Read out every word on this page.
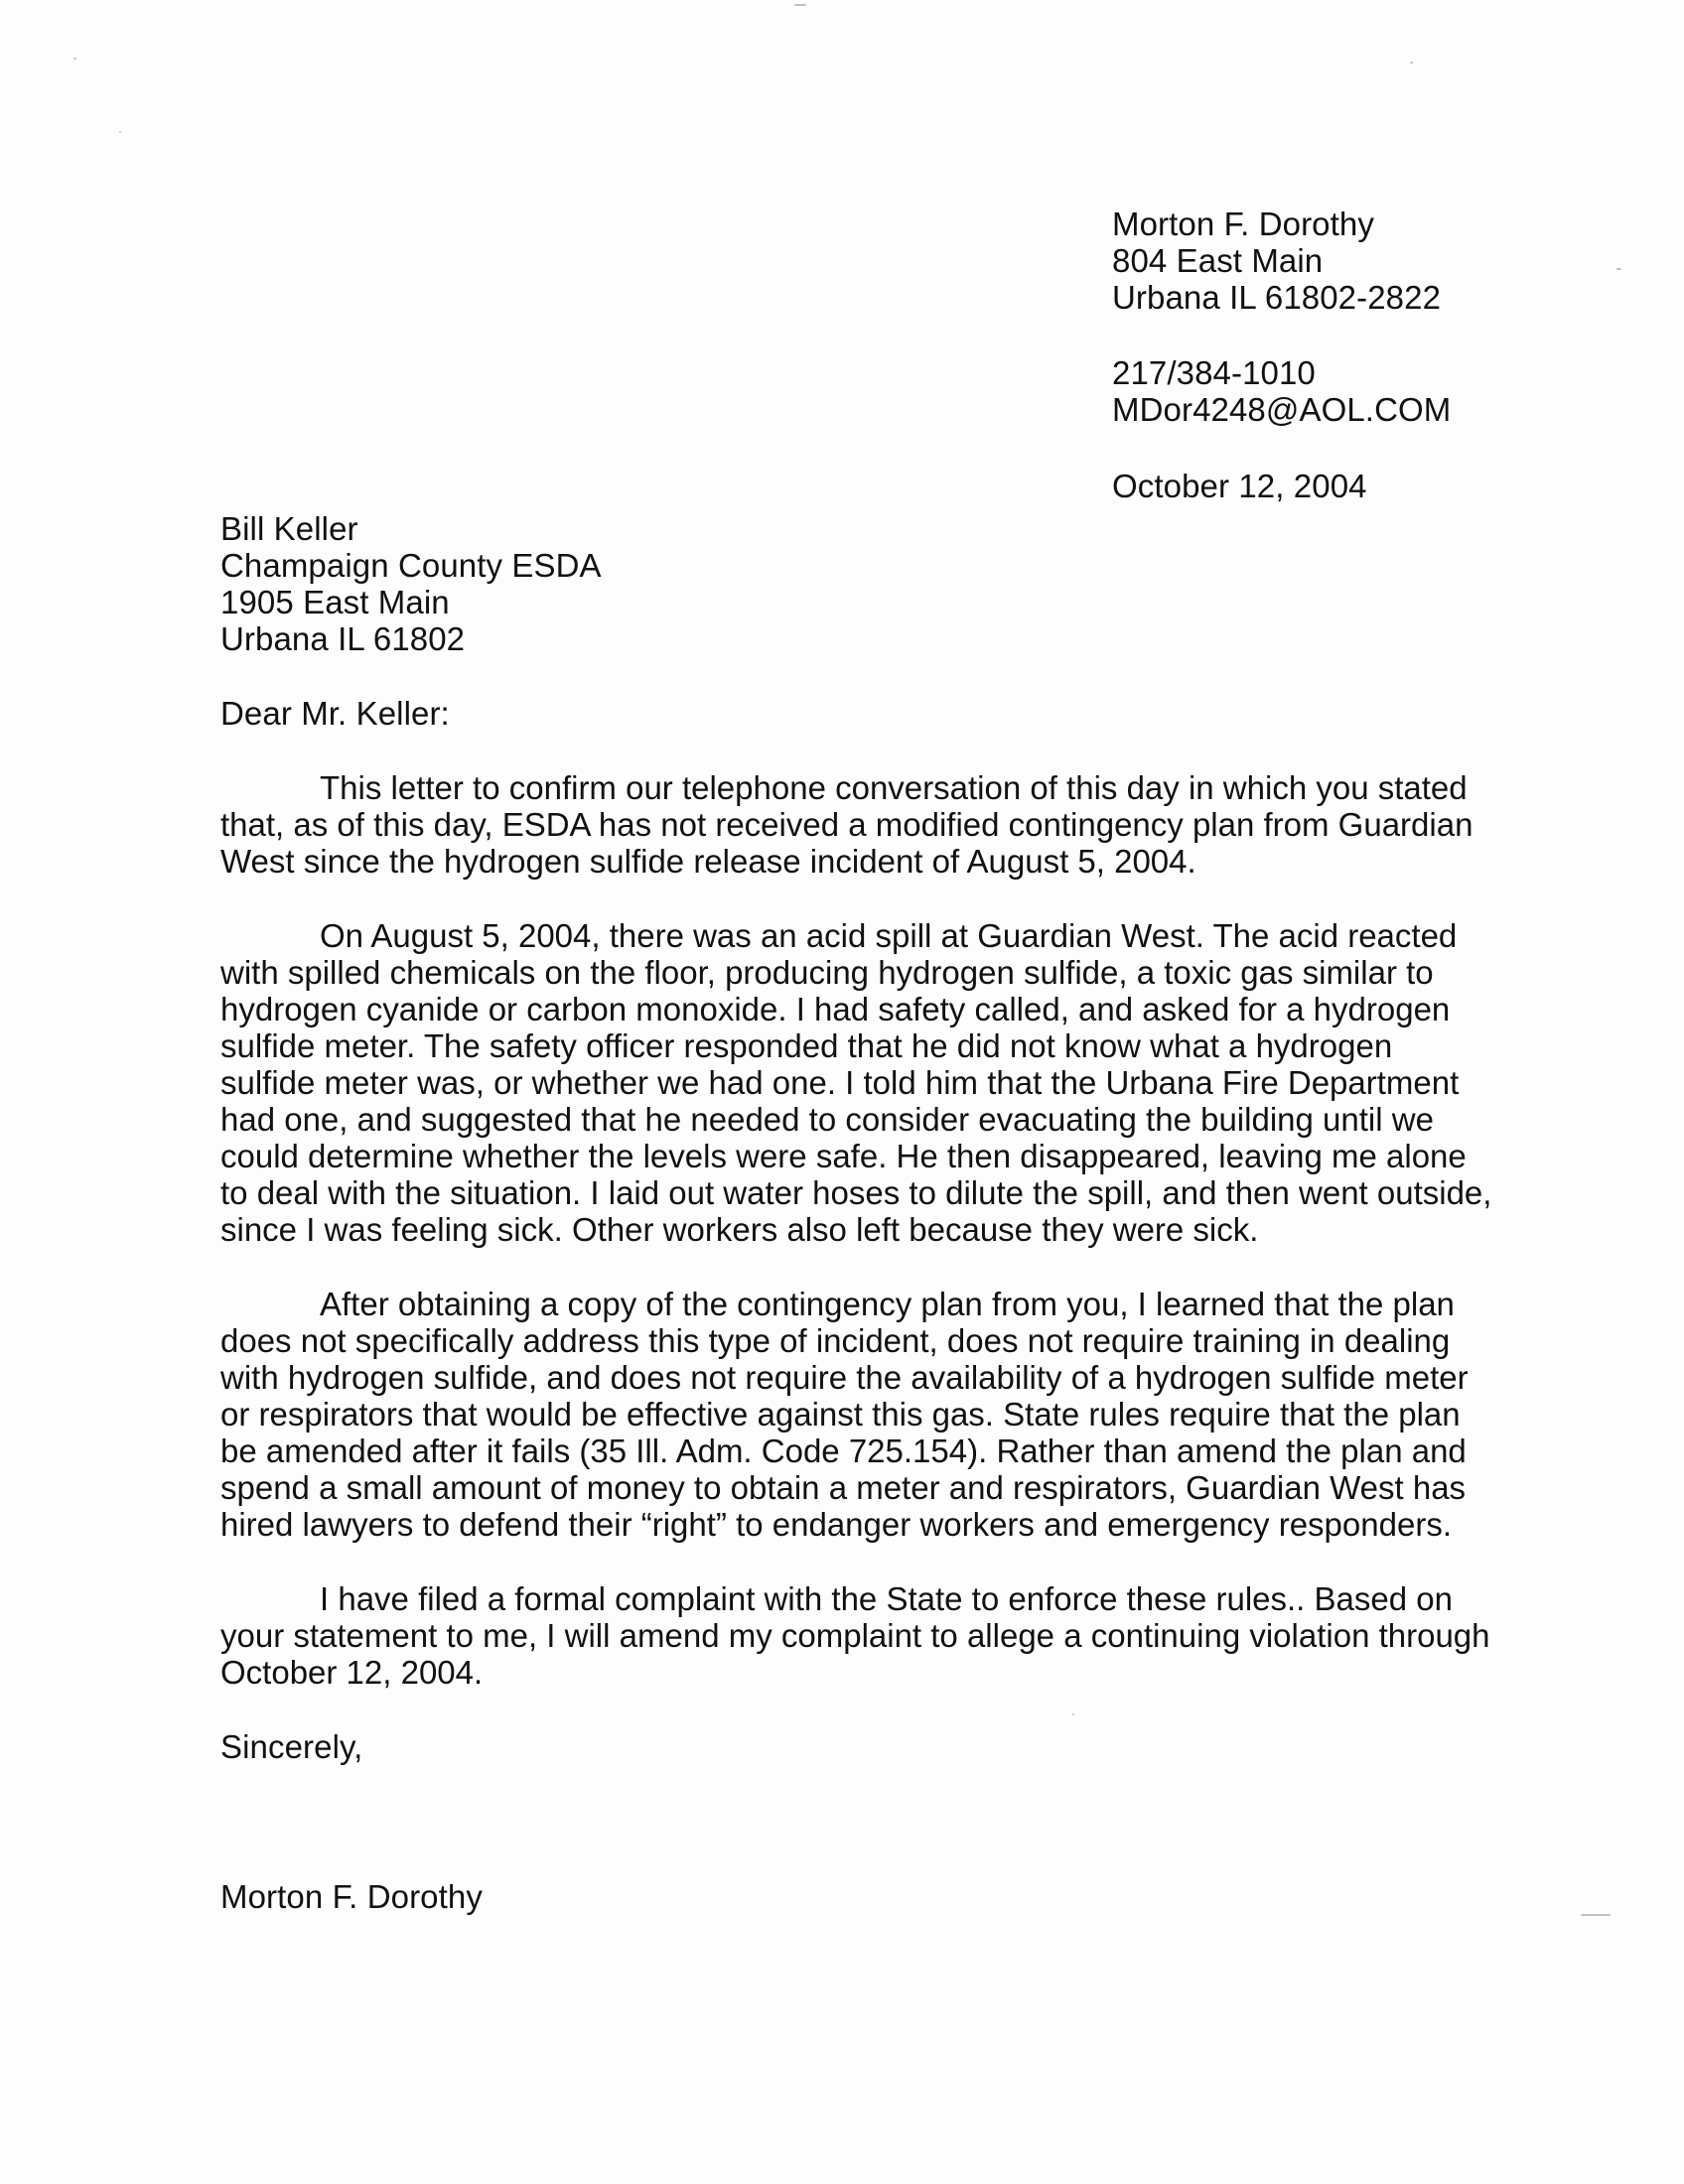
Morton F. Dorothy
804 East Main
Urbana IL 61802-2822
217/384-1010
MDor4248@AOL.COM
October 12, 2004
Bill Keller
Champaign County ESDA
1905 East Main
Urbana IL 61802
Dear Mr. Keller:
This letter to confirm our telephone conversation of this day in which you stated
that, as of this day, ESDA has not received a modified contingency plan from Guardian
West since the hydrogen sulfide release incident of August 5, 2004.
On August 5, 2004, there was an acid spill at Guardian West. The acid reacted
with spilled chemicals on the floor, producing hydrogen sulfide, a toxic gas similar to
hydrogen cyanide or carbon monoxide. I had safety called, and asked for a hydrogen
sulfide meter. The safety officer responded that he did not know what a hydrogen
sulfide meter was, or whether we had one. I told him that the Urbana Fire Department
had one, and suggested that he needed to consider evacuating the building until we
could determine whether the levels were safe. He then disappeared, leaving me alone
to deal with the situation. I laid out water hoses to dilute the spill, and then went outside,
since I was feeling sick. Other workers also left because they were sick.
After obtaining a copy of the contingency plan from you, I learned that the plan
does not specifically address this type of incident, does not require training in dealing
with hydrogen sulfide, and does not require the availability of a hydrogen sulfide meter
or respirators that would be effective against this gas. State rules require that the plan
be amended after it fails (35 Ill. Adm. Code 725.154). Rather than amend the plan and
spend a small amount of money to obtain a meter and respirators, Guardian West has
hired lawyers to defend their “right” to endanger workers and emergency responders.
I have filed a formal complaint with the State to enforce these rules.. Based on
your statement to me, I will amend my complaint to allege a continuing violation through
October 12, 2004.
Sincerely,
Morton F. Dorothy
